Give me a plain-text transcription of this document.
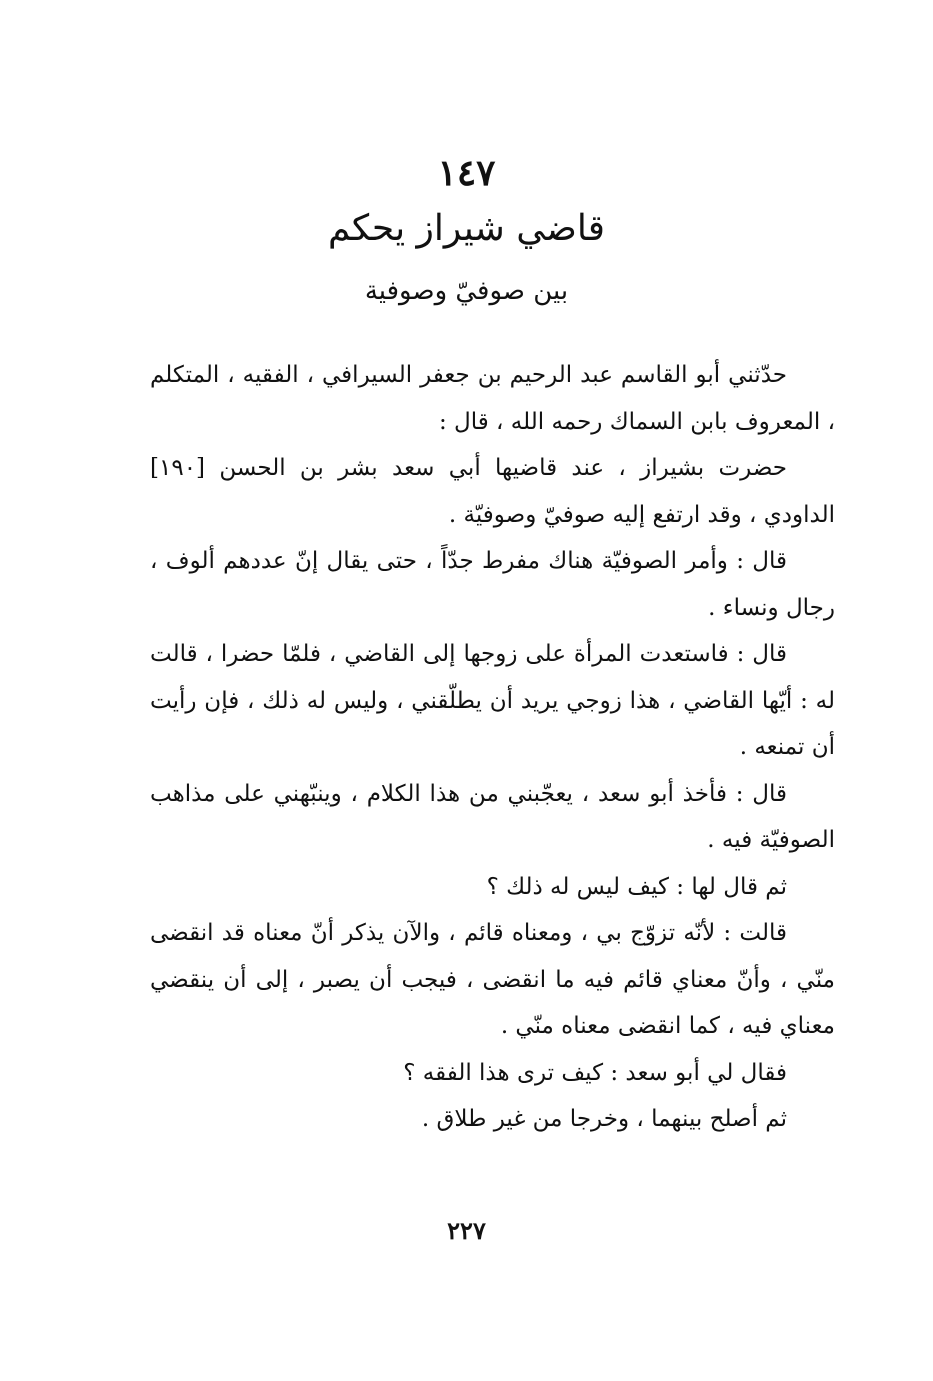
١٤٧
قاضي شيراز يحكم
بين صوفيّ وصوفية

حدّثني أبو القاسم عبد الرحيم بن جعفر السيرافي ، الفقيه ، المتكلم ، المعروف بابن السماك رحمه الله ، قال :

حضرت بشيراز ، عند قاضيها أبي سعد بشر بن الحسن [١٩٠] الداودي ، وقد ارتفع إليه صوفيّ وصوفيّة .

قال : وأمر الصوفيّة هناك مفرط جدّاً ، حتى يقال إنّ عددهم ألوف ، رجال ونساء .

قال : فاستعدت المرأة على زوجها إلى القاضي ، فلمّا حضرا ، قالت له : أيّها القاضي ، هذا زوجي يريد أن يطلّقني ، وليس له ذلك ، فإن رأيت أن تمنعه .

قال : فأخذ أبو سعد ، يعجّبني من هذا الكلام ، وينبّهني على مذاهب الصوفيّة فيه .

ثم قال لها : كيف ليس له ذلك ؟

قالت : لأنّه تزوّج بي ، ومعناه قائم ، والآن يذكر أنّ معناه قد انقضى منّي ، وأنّ معناي قائم فيه ما انقضى ، فيجب أن يصبر ، إلى أن ينقضي معناي فيه ، كما انقضى معناه منّي .

فقال لي أبو سعد : كيف ترى هذا الفقه ؟

ثم أصلح بينهما ، وخرجا من غير طلاق .

٢٢٧
